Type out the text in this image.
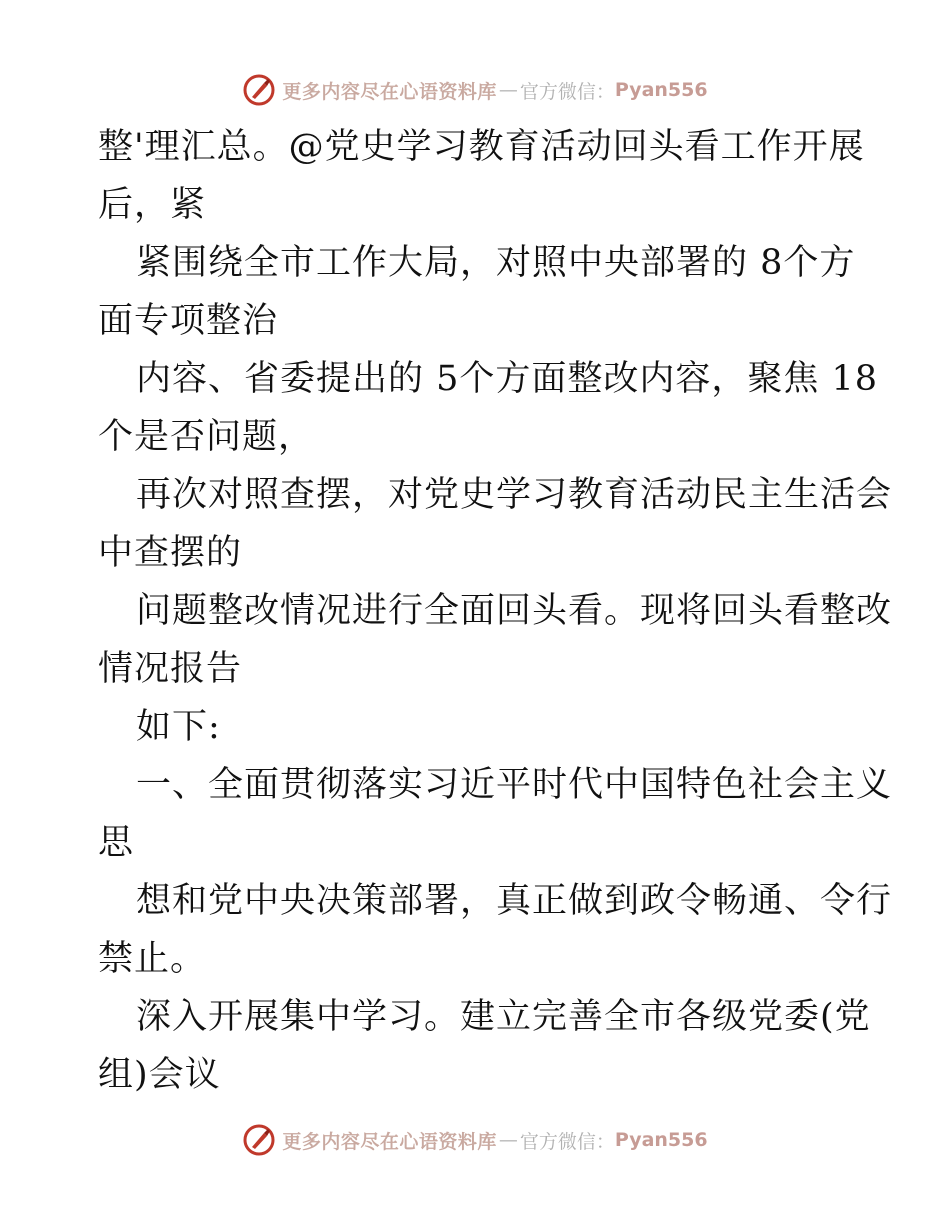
更多内容尽在心语资料库 — 官方微信： Pyan556
整'理汇总。@党史学习教育活动回头看工作开展
后，紧
紧围绕全市工作大局，对照中央部署的 8个方
面专项整治
内容、省委提出的 5个方面整改内容，聚焦 18
个是否问题，
再次对照查摆，对党史学习教育活动民主生活会
中查摆的
问题整改情况进行全面回头看。现将回头看整改
情况报告
如下:
一、全面贯彻落实习近平时代中国特色社会主义
思
想和党中央决策部署，真正做到政令畅通、令行
禁止。
深入开展集中学习。建立完善全市各级党委(党
组)会议
更多内容尽在心语资料库 — 官方微信： Pyan556
